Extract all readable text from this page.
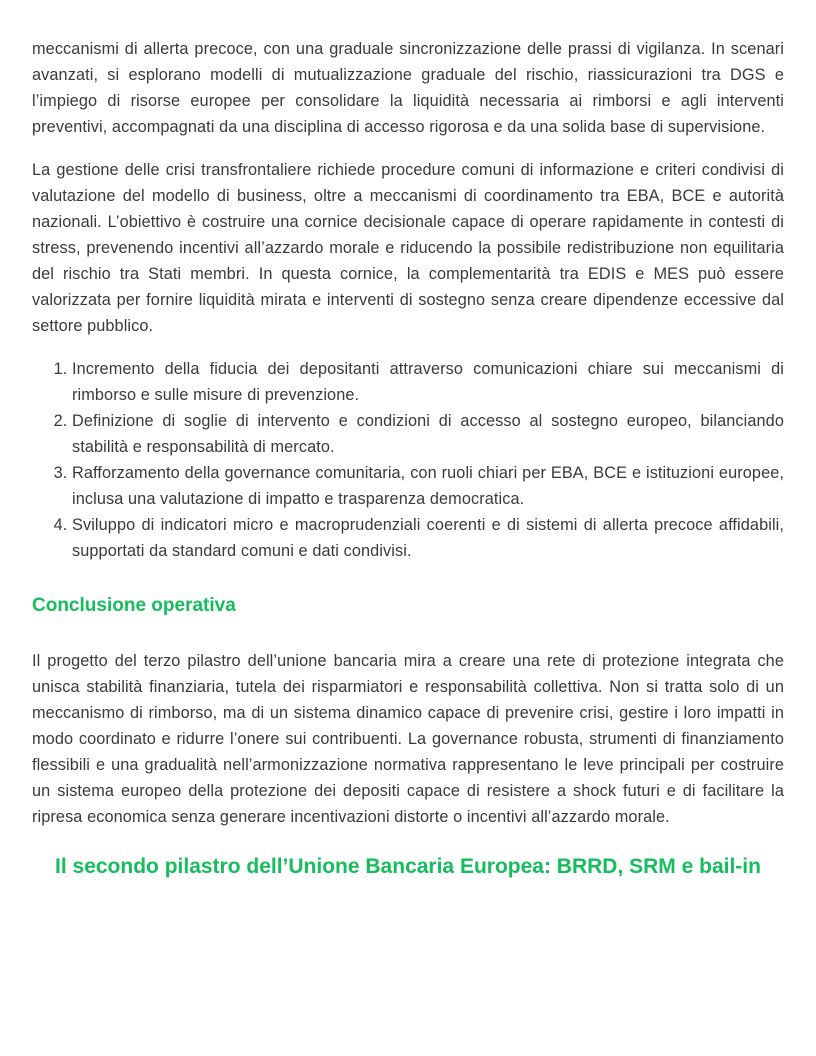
meccanismi di allerta precoce, con una graduale sincronizzazione delle prassi di vigilanza. In scenari avanzati, si esplorano modelli di mutualizzazione graduale del rischio, riassicurazioni tra DGS e l’impiego di risorse europee per consolidare la liquidità necessaria ai rimborsi e agli interventi preventivi, accompagnati da una disciplina di accesso rigorosa e da una solida base di supervisione.

La gestione delle crisi transfrontaliere richiede procedure comuni di informazione e criteri condivisi di valutazione del modello di business, oltre a meccanismi di coordinamento tra EBA, BCE e autorità nazionali. L’obiettivo è costruire una cornice decisionale capace di operare rapidamente in contesti di stress, prevenendo incentivi all’azzardo morale e riducendo la possibile redistribuzione non equilitaria del rischio tra Stati membri. In questa cornice, la complementarità tra EDIS e MES può essere valorizzata per fornire liquidità mirata e interventi di sostegno senza creare dipendenze eccessive dal settore pubblico.

1. Incremento della fiducia dei depositanti attraverso comunicazioni chiare sui meccanismi di rimborso e sulle misure di prevenzione.
2. Definizione di soglie di intervento e condizioni di accesso al sostegno europeo, bilanciando stabilità e responsabilità di mercato.
3. Rafforzamento della governance comunitaria, con ruoli chiari per EBA, BCE e istituzioni europee, inclusa una valutazione di impatto e trasparenza democratica.
4. Sviluppo di indicatori micro e macroprudenziali coerenti e di sistemi di allerta precoce affidabili, supportati da standard comuni e dati condivisi.
Conclusione operativa

Il progetto del terzo pilastro dell’unione bancaria mira a creare una rete di protezione integrata che unisca stabilità finanziaria, tutela dei risparmiatori e responsabilità collettiva. Non si tratta solo di un meccanismo di rimborso, ma di un sistema dinamico capace di prevenire crisi, gestire i loro impatti in modo coordinato e ridurre l’onere sui contribuenti. La governance robusta, strumenti di finanziamento flessibili e una gradualità nell’armonizzazione normativa rappresentano le leve principali per costruire un sistema europeo della protezione dei depositi capace di resistere a shock futuri e di facilitare la ripresa economica senza generare incentivazioni distorte o incentivi all’azzardo morale.

Il secondo pilastro dell’Unione Bancaria Europea: BRRD, SRM e bail-in
